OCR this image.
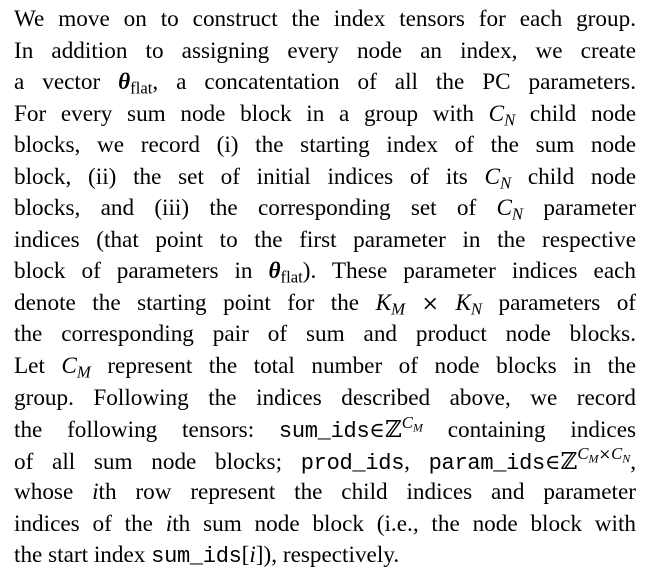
We move on to construct the index tensors for each group.
In addition to assigning every node an index, we create
a vector $\theta_{flat}$, a concatentation of all the PC parameters.
For every sum node block in a group with $C_N$ child node
blocks, we record (i) the starting index of the sum node
block, (ii) the set of initial indices of its $C_N$ child node
blocks, and (iii) the corresponding set of $C_N$ parameter
indices (that point to the first parameter in the respective
block of parameters in $\theta_{flat}$). These parameter indices each
denote the starting point for the $K_M \times K_N$ parameters of
the corresponding pair of sum and product node blocks.
Let $C_M$ represent the total number of node blocks in the
group. Following the indices described above, we record
the following tensors: sum_ids∈ℤ$^{C_M}$ containing indices
of all sum node blocks; prod_ids, param_ids∈ℤ$^{C_M\times C_N}$,
whose ith row represent the child indices and parameter
indices of the ith sum node block (i.e., the node block with
the start index sum_ids[i]), respectively.
